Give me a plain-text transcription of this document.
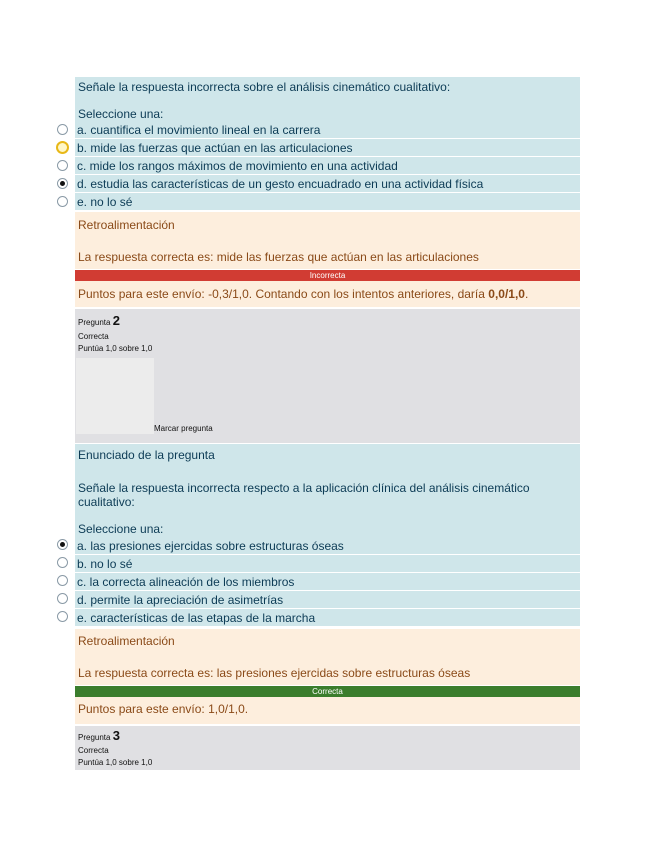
Señale la respuesta incorrecta sobre el análisis cinemático cualitativo:
Seleccione una:
a. cuantifica el movimiento lineal en la carrera
b. mide las fuerzas que actúan en las articulaciones
c. mide los rangos máximos de movimiento en una actividad
d. estudia las características de un gesto encuadrado en una actividad física
e. no lo sé
Retroalimentación
La respuesta correcta es: mide las fuerzas que actúan en las articulaciones
Incorrecta
Puntos para este envío: -0,3/1,0. Contando con los intentos anteriores, daría 0,0/1,0.
Pregunta 2
Correcta
Puntúa 1,0 sobre 1,0
Marcar pregunta
Enunciado de la pregunta
Señale la respuesta incorrecta respecto a la aplicación clínica del análisis cinemático cualitativo:
Seleccione una:
a. las presiones ejercidas sobre estructuras óseas
b. no lo sé
c. la correcta alineación de los miembros
d. permite la apreciación de asimetrías
e. características de las etapas de la marcha
Retroalimentación
La respuesta correcta es: las presiones ejercidas sobre estructuras óseas
Correcta
Puntos para este envío: 1,0/1,0.
Pregunta 3
Correcta
Puntúa 1,0 sobre 1,0
